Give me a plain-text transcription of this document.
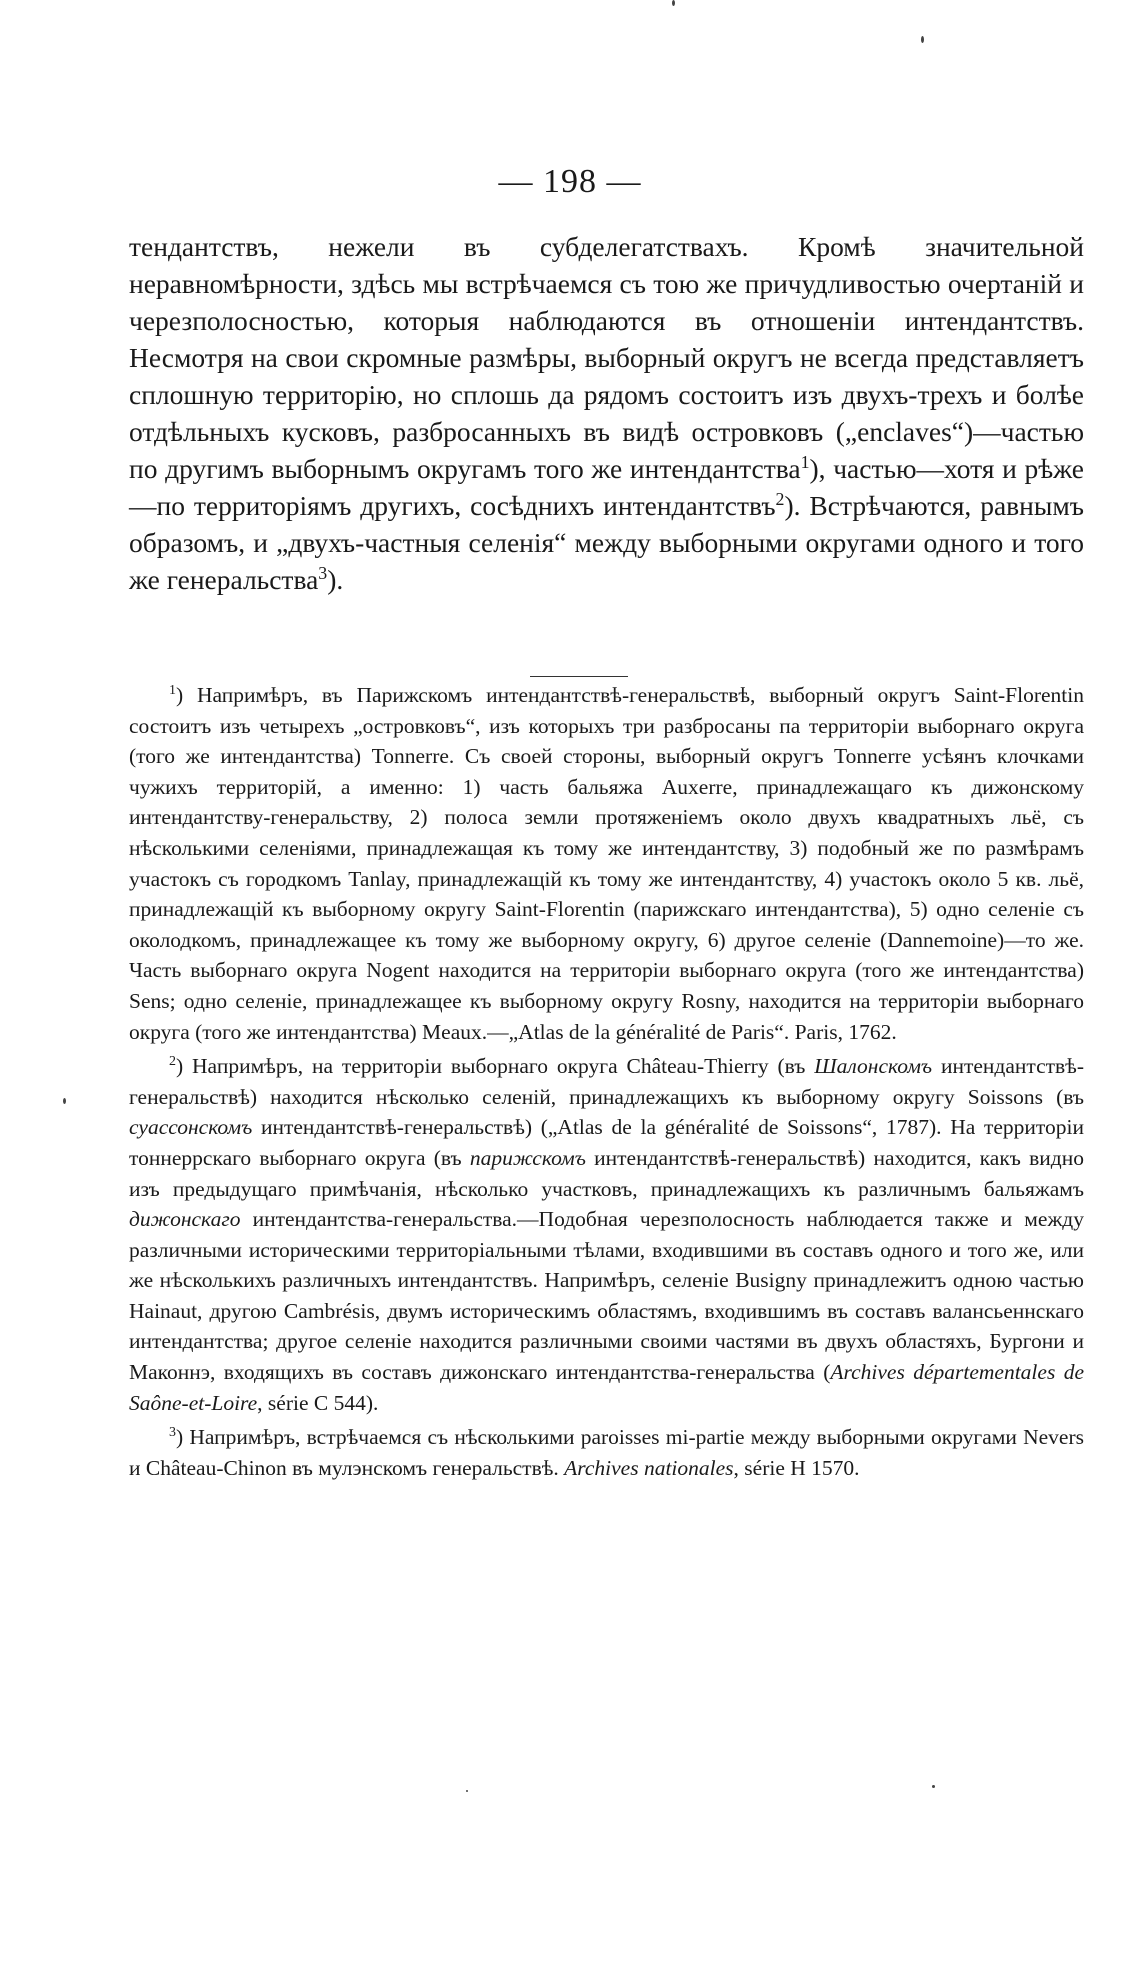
— 198 —
тендантствъ, нежели въ субделегатствахъ. Кромѣ значительной неравномѣрности, здѣсь мы встрѣчаемся съ тою же причудливостью очертаній и черезполосностью, которыя наблюдаются въ отношеніи интендантствъ. Несмотря на свои скромные размѣры, выборный округъ не всегда представляетъ сплошную территорію, но сплошь да рядомъ состоитъ изъ двухъ-трехъ и болѣе отдѣльныхъ кусковъ, разбросанныхъ въ видѣ островковъ („enclaves“)—частью по другимъ выборнымъ округамъ того же интендантства$^1$), частью—хотя и рѣже—по территоріямъ другихъ, сосѣднихъ интендантствъ$^2$). Встрѣчаются, равнымъ образомъ, и „двухъ-частныя селенія“ между выборными округами одного и того же генеральства$^3$).

$^1$) Напримѣръ, въ Парижскомъ интендантствѣ-генеральствѣ, выборный округъ Saint-Florentin состоитъ изъ четырехъ „островковъ“, изъ которыхъ три разбросаны па территоріи выборнаго округа (того же интендантства) Tonnerre. Съ своей стороны, выборный округъ Tonnerre усѣянъ клочками чужихъ территорій, а именно: 1) часть бальяжа Auxerre, принадлежащаго къ дижонскому интендантству-генеральству, 2) полоса земли протяженіемъ около двухъ квадратныхъ льё, съ нѣсколькими селеніями, принадлежащая къ тому же интендантству, 3) подобный же по размѣрамъ участокъ съ городкомъ Tanlay, принадлежащій къ тому же интендантству, 4) участокъ около 5 кв. льё, принадлежащій къ выборному округу Saint-Florentin (парижскаго интендантства), 5) одно селеніе съ околодкомъ, принадлежащее къ тому же выборному округу, 6) другое селеніе (Dannemoine)—то же. Часть выборнаго округа Nogent находится на территоріи выборнаго округа (того же интендантства) Sens; одно селеніе, принадлежащее къ выборному округу Rosny, находится на территоріи выборнаго округа (того же интендантства) Meaux.—„Atlas de la généralité de Paris“. Paris, 1762.

$^2$) Напримѣръ, на территоріи выборнаго округа Château-Thierry (въ Шалонскомъ интендантствѣ-генеральствѣ) находится нѣсколько селеній, принадлежащихъ къ выборному округу Soissons (въ суассонскомъ интендантствѣ-генеральствѣ) („Atlas de la généralité de Soissons“, 1787). На территоріи тоннеррскаго выборнаго округа (въ парижскомъ интендантствѣ-генеральствѣ) находится, какъ видно изъ предыдущаго примѣчанія, нѣсколько участковъ, принадлежащихъ къ различнымъ бальяжамъ дижонскаго интендантства-генеральства.—Подобная черезполосность наблюдается также и между различными историческими территоріальными тѣлами, входившими въ составъ одного и того же, или же нѣсколькихъ различныхъ интендантствъ. Напримѣръ, селеніе Busigny принадлежитъ одною частью Hainaut, другою Cambrésis, двумъ историческимъ областямъ, входившимъ въ составъ валансьеннскаго интендантства; другое селеніе находится различными своими частями въ двухъ областяхъ, Бургони и Маконнэ, входящихъ въ составъ дижонскаго интендантства-генеральства (Archives départementales de Saône-et-Loire, série C 544).

$^3$) Напримѣръ, встрѣчаемся съ нѣсколькими paroisses mi-partie между выборными округами Nevers и Château-Chinon въ мулэнскомъ генеральствѣ. Archives nationales, série H 1570.
